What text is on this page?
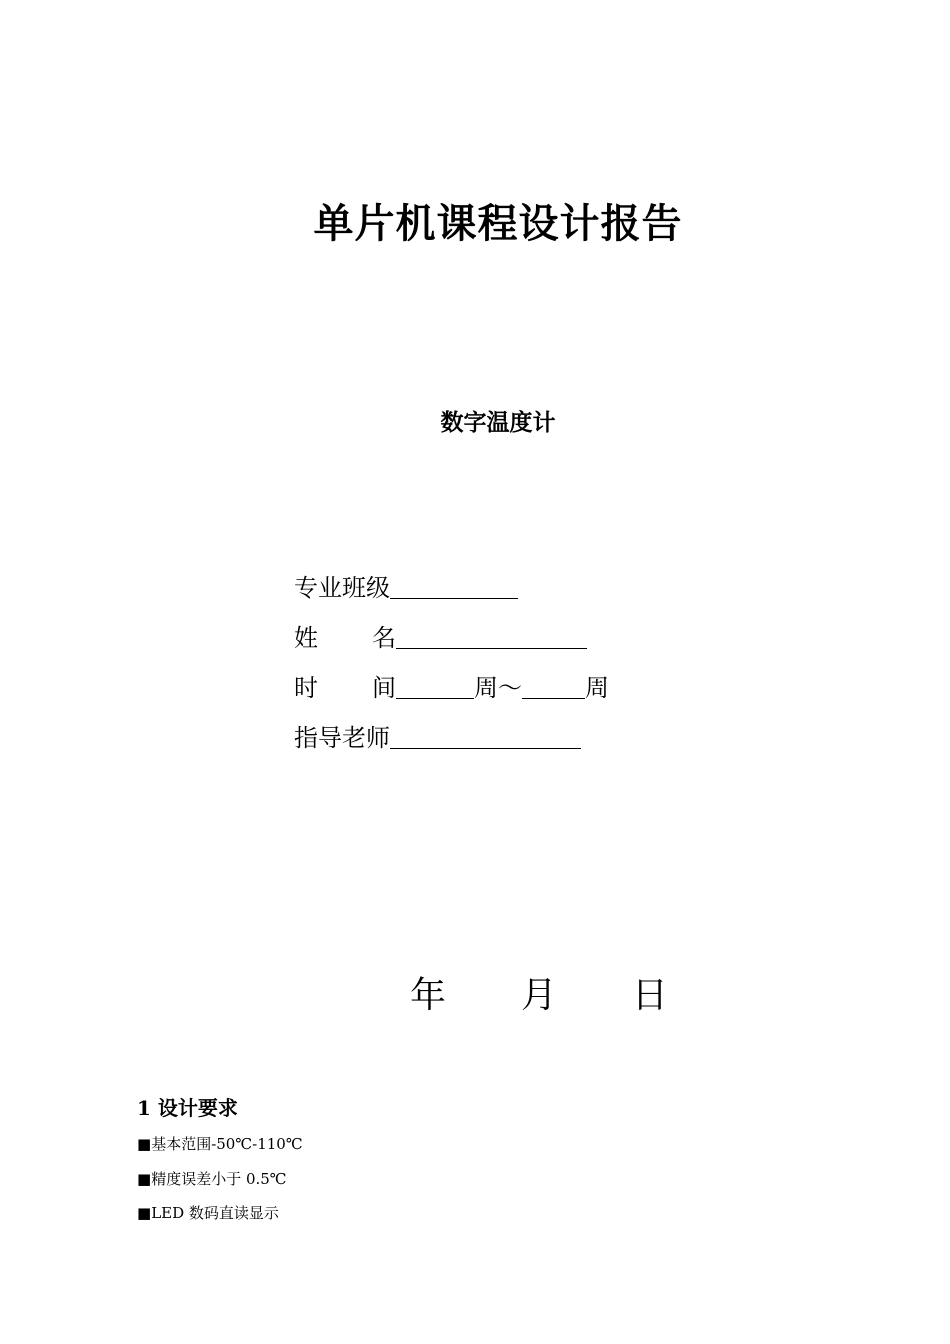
单片机课程设计报告
数字温度计
专业班级
姓 名
时 间	周～	周
指导老师
年 月 日
1 设计要求
■基本范围-50℃-110℃
■精度误差小于 0.5℃
■LED 数码直读显示
